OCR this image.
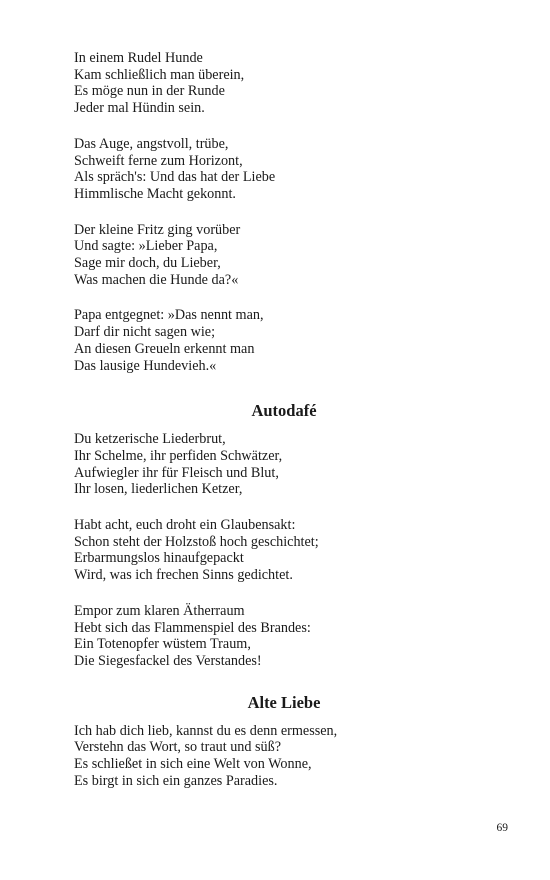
In einem Rudel Hunde
Kam schließlich man überein,
Es möge nun in der Runde
Jeder mal Hündin sein.
Das Auge, angstvoll, trübe,
Schweift ferne zum Horizont,
Als spräch's: Und das hat der Liebe
Himmlische Macht gekonnt.
Der kleine Fritz ging vorüber
Und sagte: »Lieber Papa,
Sage mir doch, du Lieber,
Was machen die Hunde da?«
Papa entgegnet: »Das nennt man,
Darf dir nicht sagen wie;
An diesen Greueln erkennt man
Das lausige Hundevieh.«
Autodafé
Du ketzerische Liederbrut,
Ihr Schelme, ihr perfiden Schwätzer,
Aufwiegler ihr für Fleisch und Blut,
Ihr losen, liederlichen Ketzer,
Habt acht, euch droht ein Glaubensakt:
Schon steht der Holzstoß hoch geschichtet;
Erbarmungslos hinaufgepackt
Wird, was ich frechen Sinns gedichtet.
Empor zum klaren Ätherraum
Hebt sich das Flammenspiel des Brandes:
Ein Totenopfer wüstem Traum,
Die Siegesfackel des Verstandes!
Alte Liebe
Ich hab dich lieb, kannst du es denn ermessen,
Verstehn das Wort, so traut und süß?
Es schließet in sich eine Welt von Wonne,
Es birgt in sich ein ganzes Paradies.
69
